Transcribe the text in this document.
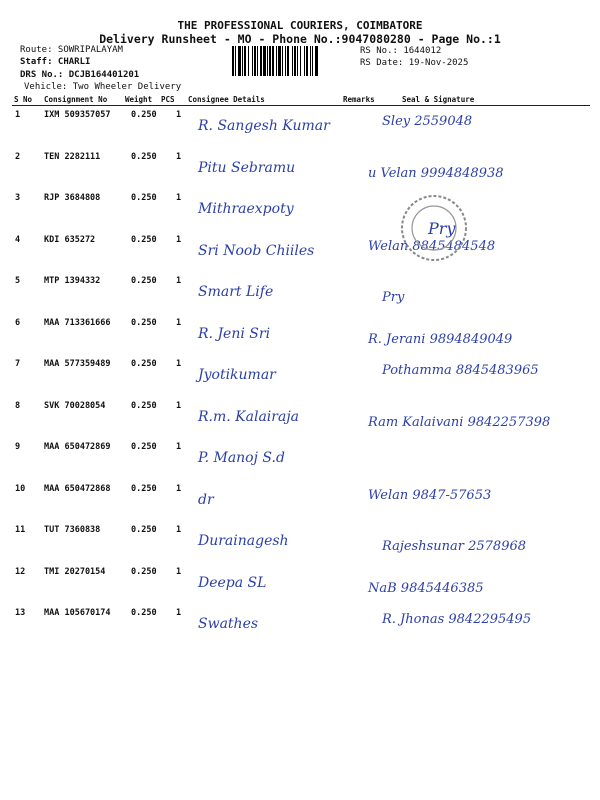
THE PROFESSIONAL COURIERS, COIMBATORE
Delivery Runsheet - MO - Phone No.:9047080280 - Page No.:1
Route: SOWRIPALAYAM
Staff: CHARLI
DRS No.: DCJB164401201
Vehicle: Two Wheeler Delivery
RS No.: 1644012
RS Date: 19-Nov-2025
S No Consignment No Weight PCS Consignee Details	Remarks	Seal & Signature
1	IXM 509357057 0.250 1
R. Sangesh Kumar	Sley 2559048
2	TEN 2282111	0.250 1
Pitu Sebramu	u Velan 9994848938
3	RJP 3684808	0.250 1
Mithraexpoty
4	KDI 635272	0.250 1
Sri Noob Chiiles	Welan 8845484548
5	MTP 1394332	0.250 1
Smart Life	Pry
6	MAA 713361666 0.250 1
R. Jeni Sri	R. Jerani 9894849049
7	MAA 577359489 0.250 1
Jyotikumar	Pothamma 8845483965
8	SVK 70028054	0.250 1
R.m. Kalairaja	Ram Kalaivani 9842257398
9	MAA 650472869 0.250 1
P. Manoj S.d
10 MAA 650472868 0.250 1
dr	Welan 9847-57653
11 TUT 7360838	0.250 1
Durainagesh	Rajeshsunar 2578968
12 TMI 20270154	0.250 1
Deepa SL	NaB 9845446385
13 MAA 105670174 0.250 1
Swathes	R. Jhonas 9842295495
Pry
